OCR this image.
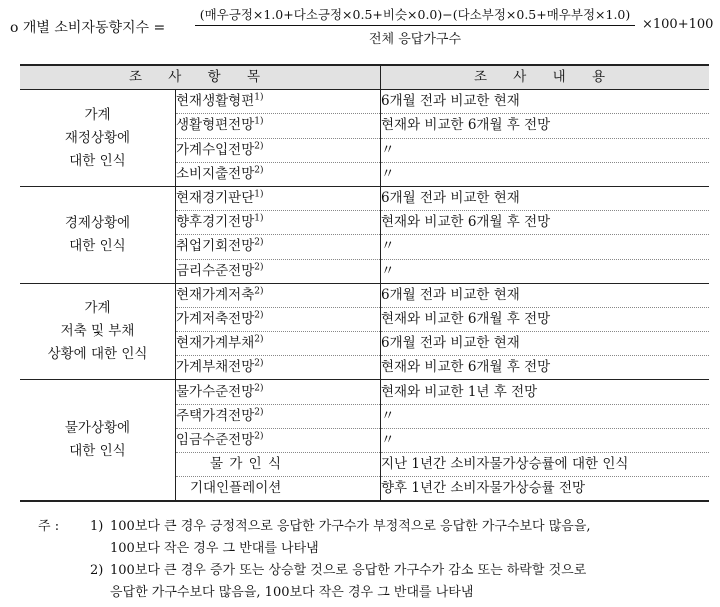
o 개별 소비자동향지수 =
(매우긍정×1.0+다소긍정×0.5+비슷×0.0)−(다소부정×0.5+매우부정×1.0)
전체 응답가구수
×100+100
조 사 항 목		조 사 내 용
가계
재정상황에
대한 인식	현재생활형편$^{1)}$	6개월 전과 비교한 현재
	생활형편전망$^{1)}$	현재와 비교한 6개월 후 전망
	가계수입전망$^{2)}$	〃
	소비지출전망$^{2)}$	〃
경제상황에
대한 인식	현재경기판단$^{1)}$	6개월 전과 비교한 현재
	향후경기전망$^{1)}$	현재와 비교한 6개월 후 전망
	취업기회전망$^{2)}$	〃
	금리수준전망$^{2)}$	〃
가계
저축 및 부채
상황에 대한 인식	현재가계저축$^{2)}$	6개월 전과 비교한 현재
	가계저축전망$^{2)}$	현재와 비교한 6개월 후 전망
	현재가계부채$^{2)}$	6개월 전과 비교한 현재
	가계부채전망$^{2)}$	현재와 비교한 6개월 후 전망
물가상황에
대한 인식	물가수준전망$^{2)}$	현재와 비교한 1년 후 전망
	주택가격전망$^{2)}$	〃
	임금수준전망$^{2)}$	〃
	물 가 인 식	지난 1년간 소비자물가상승률에 대한 인식
	기대인플레이션	향후 1년간 소비자물가상승률 전망
주 : 1) 100보다 큰 경우 긍정적으로 응답한 가구수가 부정적으로 응답한 가구수보다 많음을,
100보다 작은 경우 그 반대를 나타냄
2) 100보다 큰 경우 증가 또는 상승할 것으로 응답한 가구수가 감소 또는 하락할 것으로
응답한 가구수보다 많음을, 100보다 작은 경우 그 반대를 나타냄
